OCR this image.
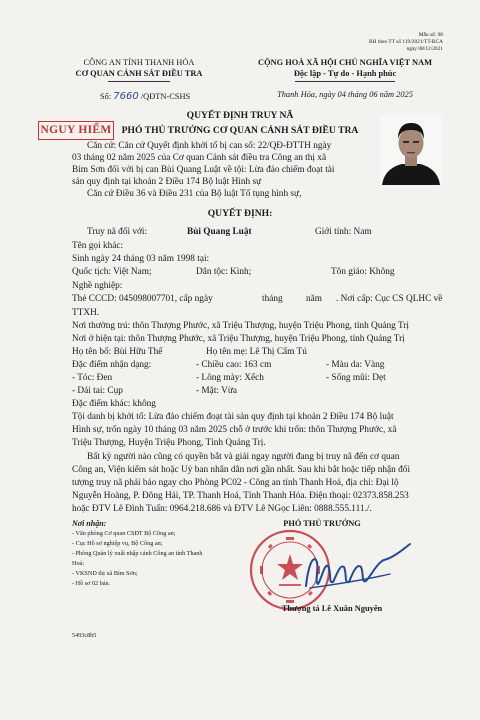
Mẫu số: 98
BH theo TT số 119/2021/TT-BCA
ngày 08/12/2021
CÔNG AN TỈNH THANH HÓA
CƠ QUAN CẢNH SÁT ĐIỀU TRA
Số: 7660 /QĐTN-CSHS
CỘNG HOÀ XÃ HỘI CHỦ NGHĨA VIỆT NAM
Độc lập - Tự do - Hạnh phúc
Thanh Hóa, ngày 04 tháng 06 năm 2025
QUYẾT ĐỊNH TRUY NÃ
NGUY HIỂM	PHÓ THỦ TRƯỞNG CƠ QUAN CẢNH SÁT ĐIỀU TRA
Căn cứ: Căn cứ Quyết định khởi tố bị can số: 22/QĐ-ĐTTH ngày
03 tháng 02 năm 2025 của Cơ quan Cảnh sát điều tra Công an thị xã
Bỉm Sơn đối với bị can Bùi Quang Luật về tội: Lừa đảo chiếm đoạt tài
sản quy định tại khoản 2 Điều 174 Bộ luật Hình sự
Căn cứ Điều 36 và Điều 231 của Bộ luật Tố tụng hình sự,
QUYẾT ĐỊNH:
Truy nã đối với:	Bùi Quang Luật	Giới tính: Nam
Tên gọi khác:
Sinh ngày 24 tháng 03 năm 1998 tại:
Quốc tịch: Việt Nam;	Dân tộc: Kinh;	Tôn giáo: Không
Nghề nghiệp:
Thẻ CCCD: 045098007701, cấp ngày	tháng	năm . Nơi cấp: Cục CS QLHC về
TTXH.
Nơi thường trú: thôn Thượng Phước, xã Triệu Thượng, huyện Triệu Phong, tỉnh Quảng Trị
Nơi ở hiện tại: thôn Thượng Phước, xã Triệu Thượng, huyện Triệu Phong, tỉnh Quảng Trị
Họ tên bố: Bùi Hữu Thế	Họ tên mẹ: Lê Thị Cẩm Tú
Đặc điểm nhận dạng:	- Chiều cao: 163 cm	- Màu da: Vàng
- Tóc: Đen	- Lông mày: Xếch	- Sống mũi: Dẹt
- Dái tai: Cụp	- Mặt: Vừa
Đặc điểm khác: không
Tội danh bị khởi tố: Lừa đảo chiếm đoạt tài sản quy định tại khoản 2 Điều 174 Bộ luật
Hình sự, trốn ngày 10 tháng 03 năm 2025 chỗ ở trước khi trốn: thôn Thượng Phước, xã
Triệu Thượng, Huyện Triệu Phong, Tỉnh Quảng Trị.
Bất kỳ người nào cũng có quyền bắt và giải ngay người đang bị truy nã đến cơ quan
Công an, Viện kiểm sát hoặc Uỷ ban nhân dân nơi gần nhất. Sau khi bắt hoặc tiếp nhận đối
tượng truy nã phải báo ngay cho Phòng PC02 - Công an tỉnh Thanh Hoá, địa chỉ: Đại lộ
Nguyễn Hoàng, P. Đông Hải, TP. Thanh Hoá, Tỉnh Thanh Hóa. Điện thoại: 02373.858.253
hoặc ĐTV Lê Đình Tuấn: 0964.218.686 và ĐTV Lê NGọc Liên: 0888.555.111./.
Nơi nhận:
- Văn phòng Cơ quan CSĐT Bộ Công an;
- Cục Hồ sơ nghiệp vụ, Bộ Công an;
- Phòng Quản lý xuất nhập cảnh Công an tỉnh Thanh
Hoá;
- VKSND thị xã Bỉm Sơn;
- Hồ sơ 02 bản.
5493c8b5
PHÓ THỦ TRƯỞNG
Thượng tá Lê Xuân Nguyên
